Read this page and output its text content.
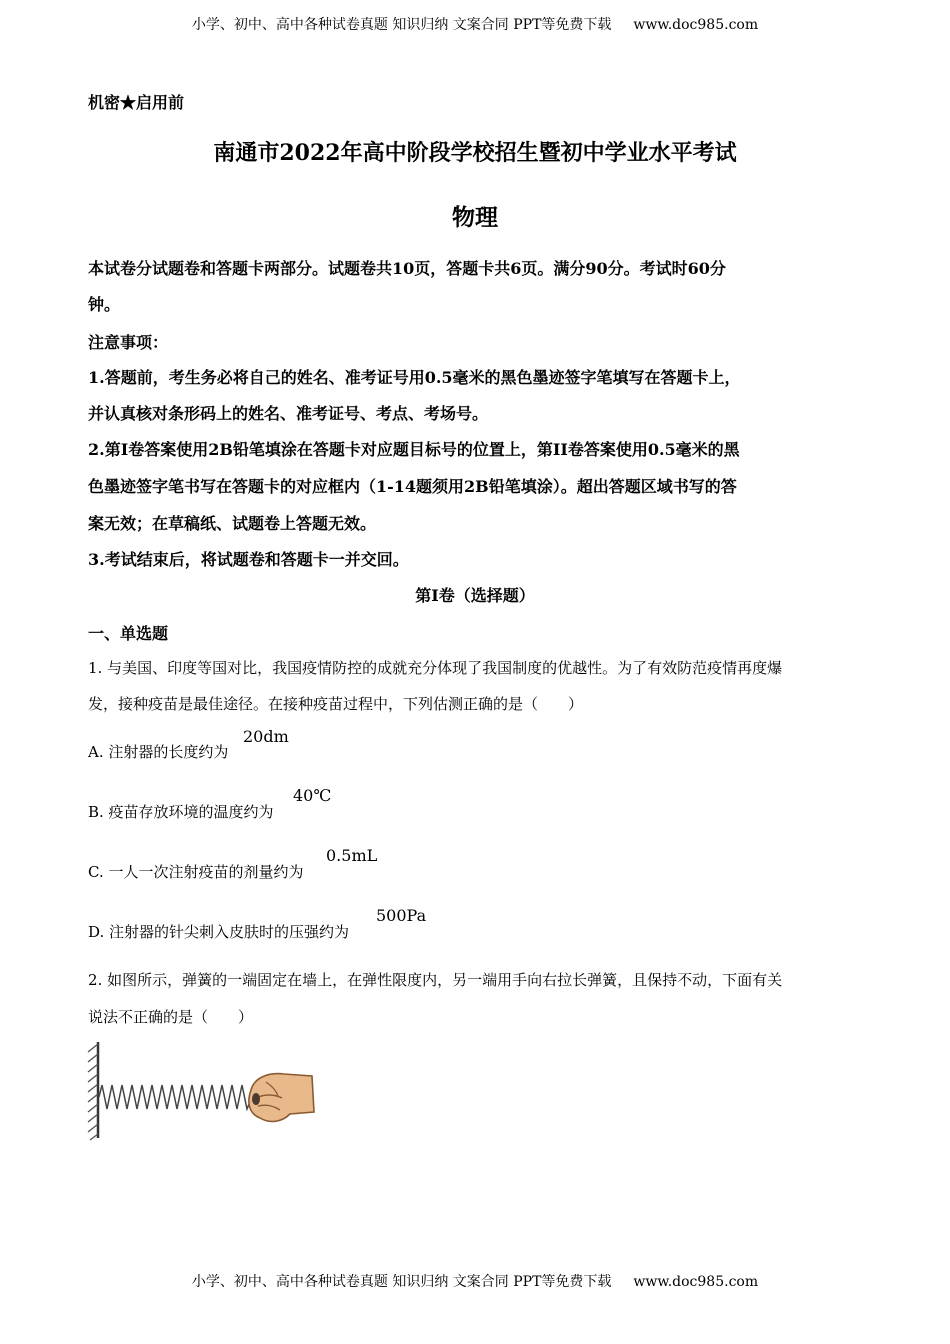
小学、初中、高中各种试卷真题 知识归纳 文案合同 PPT等免费下载 www.doc985.com
机密★启用前
南通市2022年高中阶段学校招生暨初中学业水平考试
物理
本试卷分试题卷和答题卡两部分。试题卷共10页，答题卡共6页。满分90分。考试时60分
钟。
注意事项：
1.答题前，考生务必将自己的姓名、准考证号用0.5毫米的黑色墨迹签字笔填写在答题卡上，
并认真核对条形码上的姓名、准考证号、考点、考场号。
2.第I卷答案使用2B铅笔填涂在答题卡对应题目标号的位置上，第II卷答案使用0.5毫米的黑
色墨迹签字笔书写在答题卡的对应框内（1-14题须用2B铅笔填涂）。超出答题区域书写的答
案无效；在草稿纸、试题卷上答题无效。
3.考试结束后，将试题卷和答题卡一并交回。
第I卷（选择题）
一、单选题
1. 与美国、印度等国对比，我国疫情防控的成就充分体现了我国制度的优越性。为了有效防范疫情再度爆
发，接种疫苗是最佳途径。在接种疫苗过程中，下列估测正确的是（　　）
A. 注射器的长度约为
20dm
B. 疫苗存放环境的温度约为
40℃
C. 一人一次注射疫苗的剂量约为
0.5mL
D. 注射器的针尖刺入皮肤时的压强约为
500Pa
2. 如图所示，弹簧的一端固定在墙上，在弹性限度内，另一端用手向右拉长弹簧，且保持不动，下面有关
说法不正确的是（　　）
小学、初中、高中各种试卷真题 知识归纳 文案合同 PPT等免费下载 www.doc985.com
